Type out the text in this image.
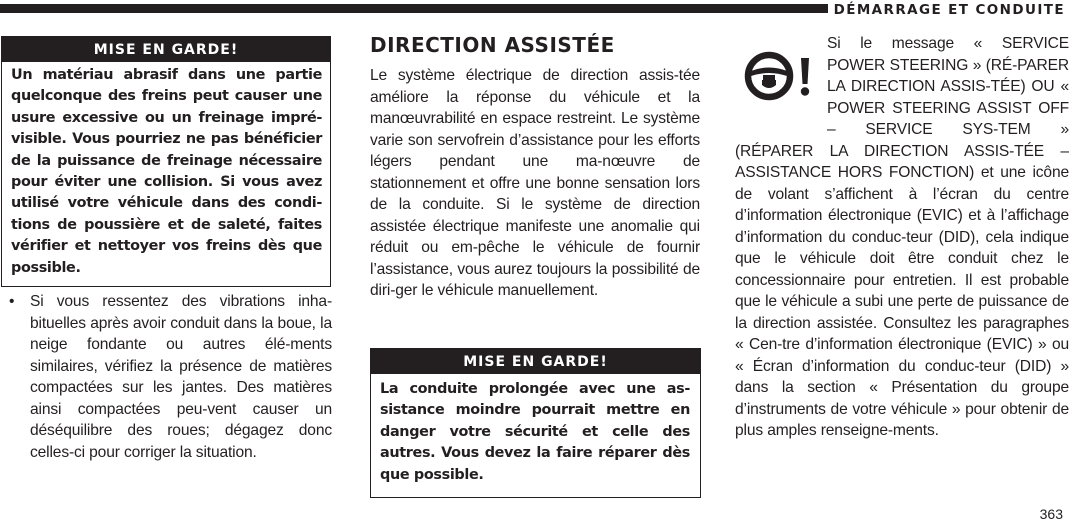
DÉMARRAGE ET CONDUITE
MISE EN GARDE!
Un matériau abrasif dans une partie quelconque des freins peut causer une usure excessive ou un freinage impré-visible. Vous pourriez ne pas bénéficier de la puissance de freinage nécessaire pour éviter une collision. Si vous avez utilisé votre véhicule dans des condi-tions de poussière et de saleté, faites vérifier et nettoyer vos freins dès que possible.
• Si vous ressentez des vibrations inha-bituelles après avoir conduit dans la boue, la neige fondante ou autres élé-ments similaires, vérifiez la présence de matières compactées sur les jantes. Des matières ainsi compactées peu-vent causer un déséquilibre des roues; dégagez donc celles-ci pour corriger la situation.
DIRECTION ASSISTÉE
Le système électrique de direction assis-tée améliore la réponse du véhicule et la manœuvrabilité en espace restreint. Le système varie son servofrein d’assistance pour les efforts légers pendant une ma-nœuvre de stationnement et offre une bonne sensation lors de la conduite. Si le système de direction assistée électrique manifeste une anomalie qui réduit ou em-pêche le véhicule de fournir l’assistance, vous aurez toujours la possibilité de diri-ger le véhicule manuellement.
MISE EN GARDE!
La conduite prolongée avec une as-sistance moindre pourrait mettre en danger votre sécurité et celle des autres. Vous devez la faire réparer dès que possible.
Si le message « SERVICE POWER STEERING » (RÉ-PARER LA DIRECTION ASSIS-TÉE) OU « POWER STEERING ASSIST OFF – SERVICE SYS-TEM » (RÉPARER LA DIRECTION ASSIS-TÉE – ASSISTANCE HORS FONCTION) et une icône de volant s’affichent à l’écran du centre d’information électronique (EVIC) et à l’affichage d’information du conduc-teur (DID), cela indique que le véhicule doit être conduit chez le concessionnaire pour entretien. Il est probable que le véhicule a subi une perte de puissance de la direction assistée. Consultez les paragraphes « Cen-tre d’information électronique (EVIC) » ou « Écran d’information du conduc-teur (DID) » dans la section « Présentation du groupe d’instruments de votre véhicule » pour obtenir de plus amples renseigne-ments.
363
